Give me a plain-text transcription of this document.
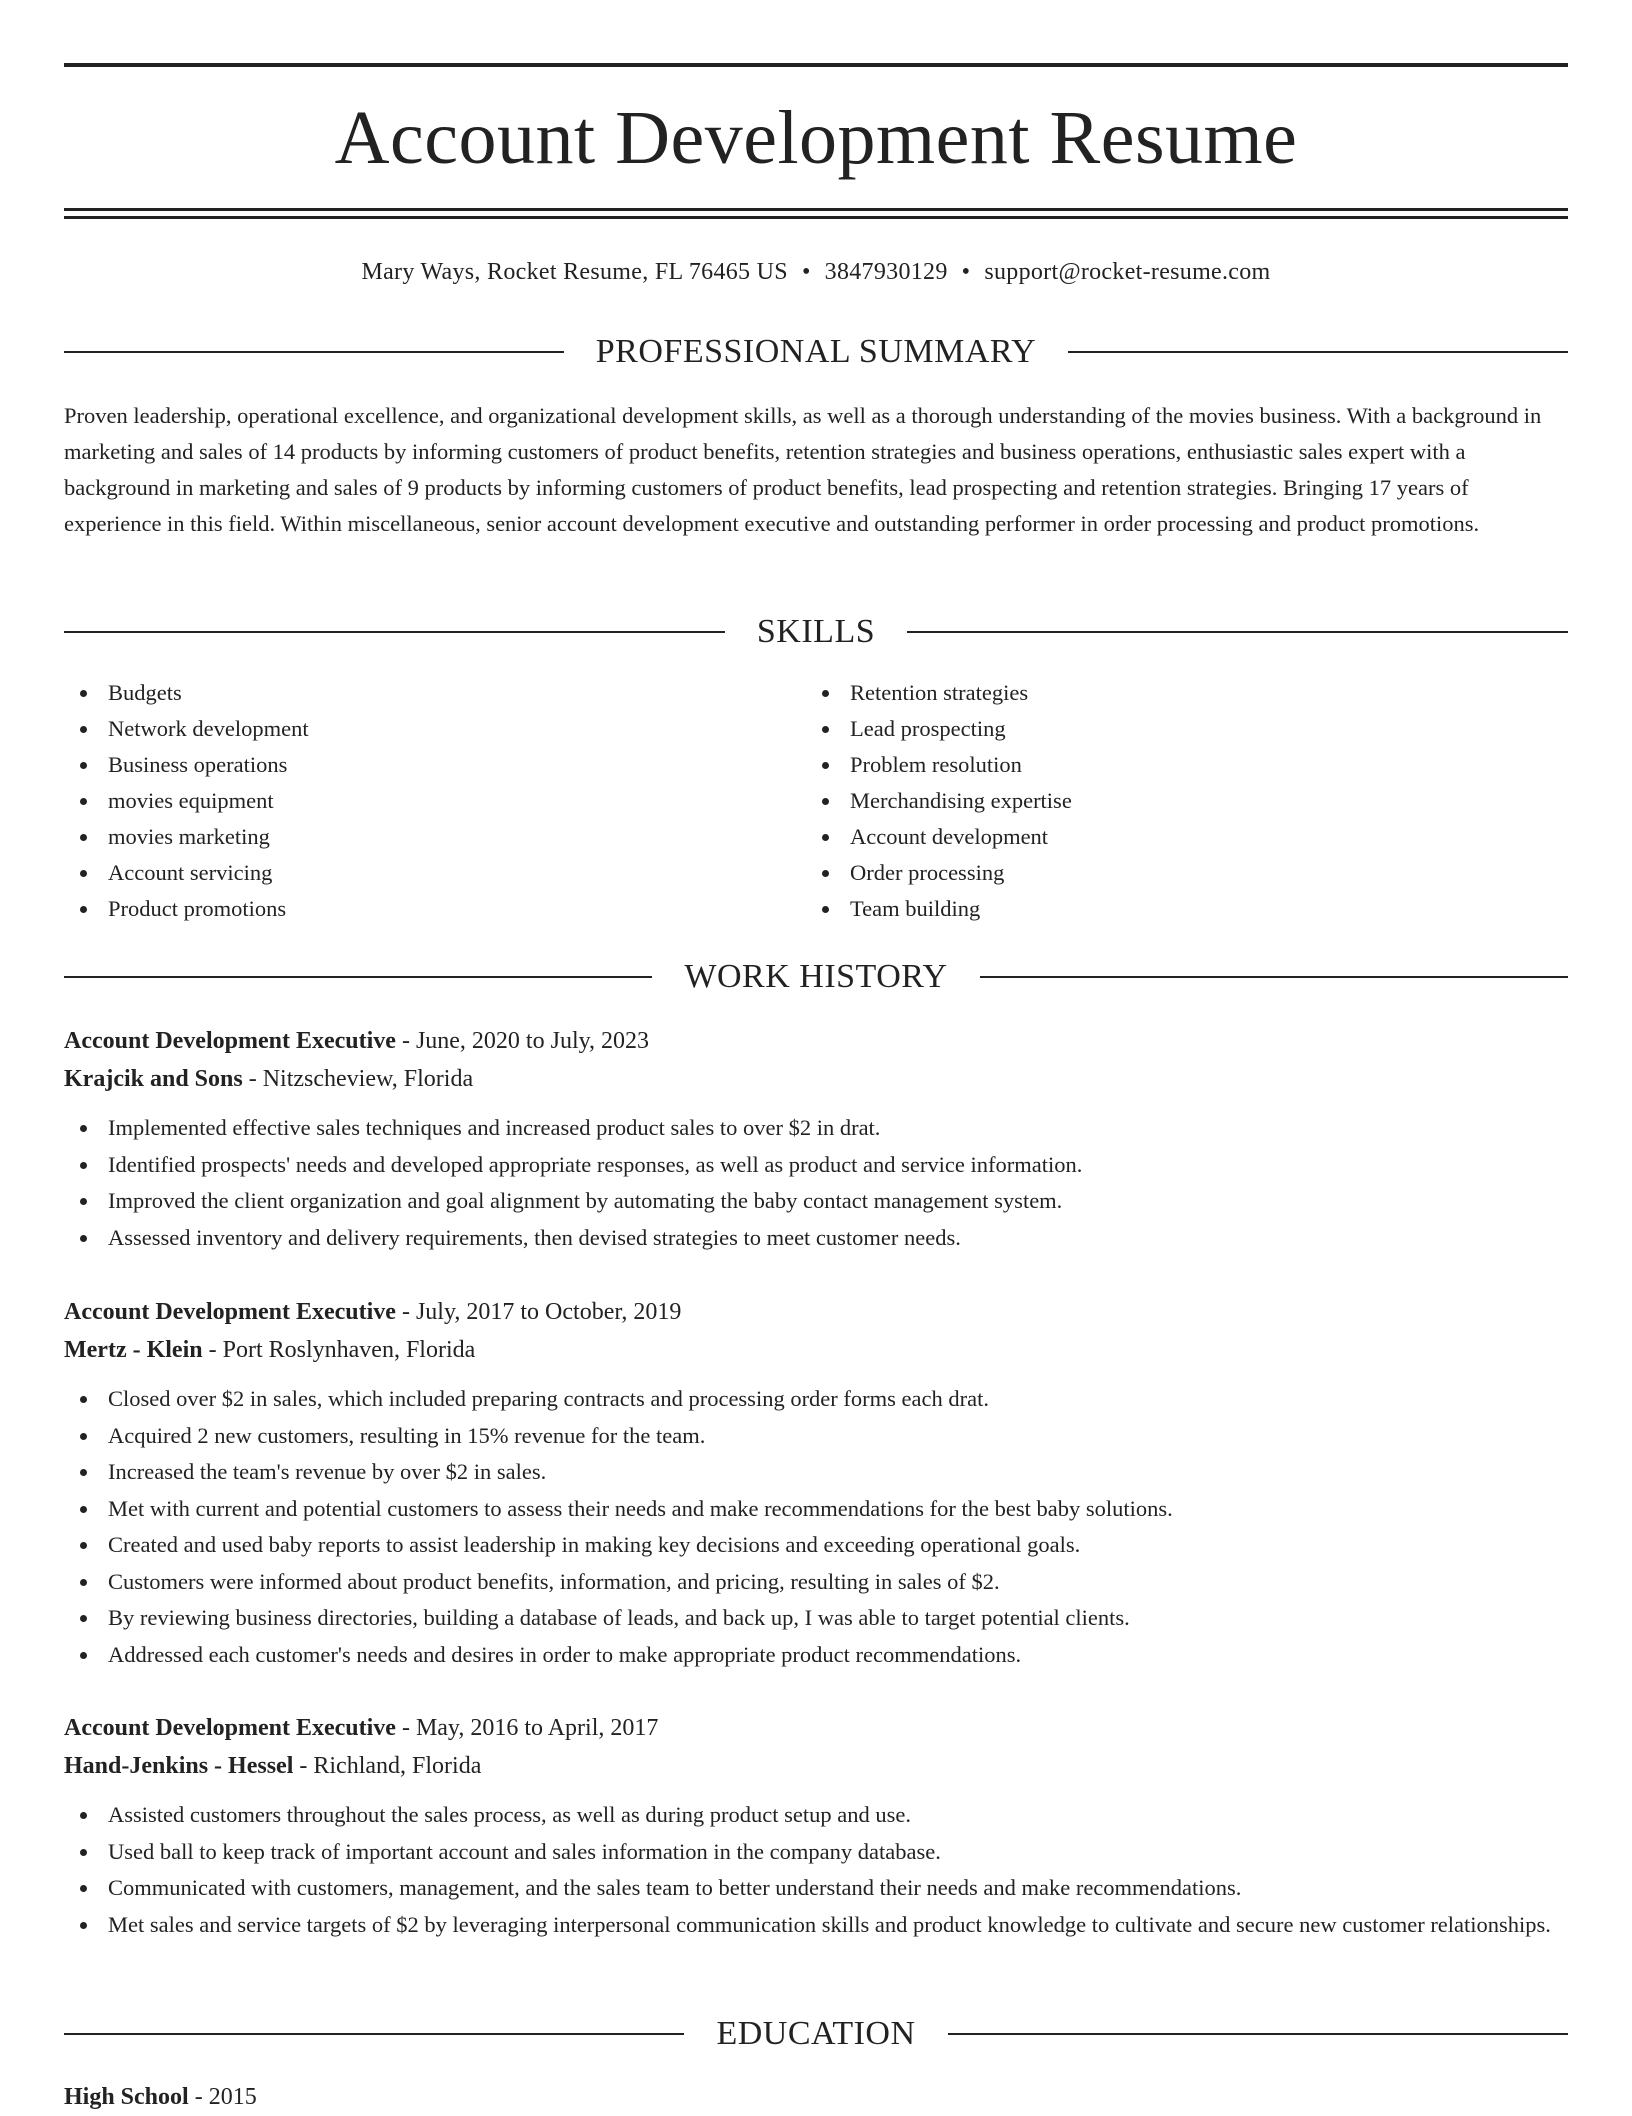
Account Development Resume
Mary Ways, Rocket Resume, FL 76465 US • 3847930129 • support@rocket-resume.com
PROFESSIONAL SUMMARY

Proven leadership, operational excellence, and organizational development skills, as well as a thorough understanding of the movies business. With a background in marketing and sales of 14 products by informing customers of product benefits, retention strategies and business operations, enthusiastic sales expert with a background in marketing and sales of 9 products by informing customers of product benefits, lead prospecting and retention strategies. Bringing 17 years of experience in this field. Within miscellaneous, senior account development executive and outstanding performer in order processing and product promotions.

SKILLS
Budgets
Network development
Business operations
movies equipment
movies marketing
Account servicing
Product promotions
Retention strategies
Lead prospecting
Problem resolution
Merchandising expertise
Account development
Order processing
Team building
WORK HISTORY
Account Development Executive - June, 2020 to July, 2023
Krajcik and Sons - Nitzscheview, Florida
Implemented effective sales techniques and increased product sales to over $2 in drat.
Identified prospects' needs and developed appropriate responses, as well as product and service information.
Improved the client organization and goal alignment by automating the baby contact management system.
Assessed inventory and delivery requirements, then devised strategies to meet customer needs.
Account Development Executive - July, 2017 to October, 2019
Mertz - Klein - Port Roslynhaven, Florida
Closed over $2 in sales, which included preparing contracts and processing order forms each drat.
Acquired 2 new customers, resulting in 15% revenue for the team.
Increased the team's revenue by over $2 in sales.
Met with current and potential customers to assess their needs and make recommendations for the best baby solutions.
Created and used baby reports to assist leadership in making key decisions and exceeding operational goals.
Customers were informed about product benefits, information, and pricing, resulting in sales of $2.
By reviewing business directories, building a database of leads, and back up, I was able to target potential clients.
Addressed each customer's needs and desires in order to make appropriate product recommendations.
Account Development Executive - May, 2016 to April, 2017
Hand-Jenkins - Hessel - Richland, Florida
Assisted customers throughout the sales process, as well as during product setup and use.
Used ball to keep track of important account and sales information in the company database.
Communicated with customers, management, and the sales team to better understand their needs and make recommendations.
Met sales and service targets of $2 by leveraging interpersonal communication skills and product knowledge to cultivate and secure new customer relationships.
EDUCATION
High School - 2015
